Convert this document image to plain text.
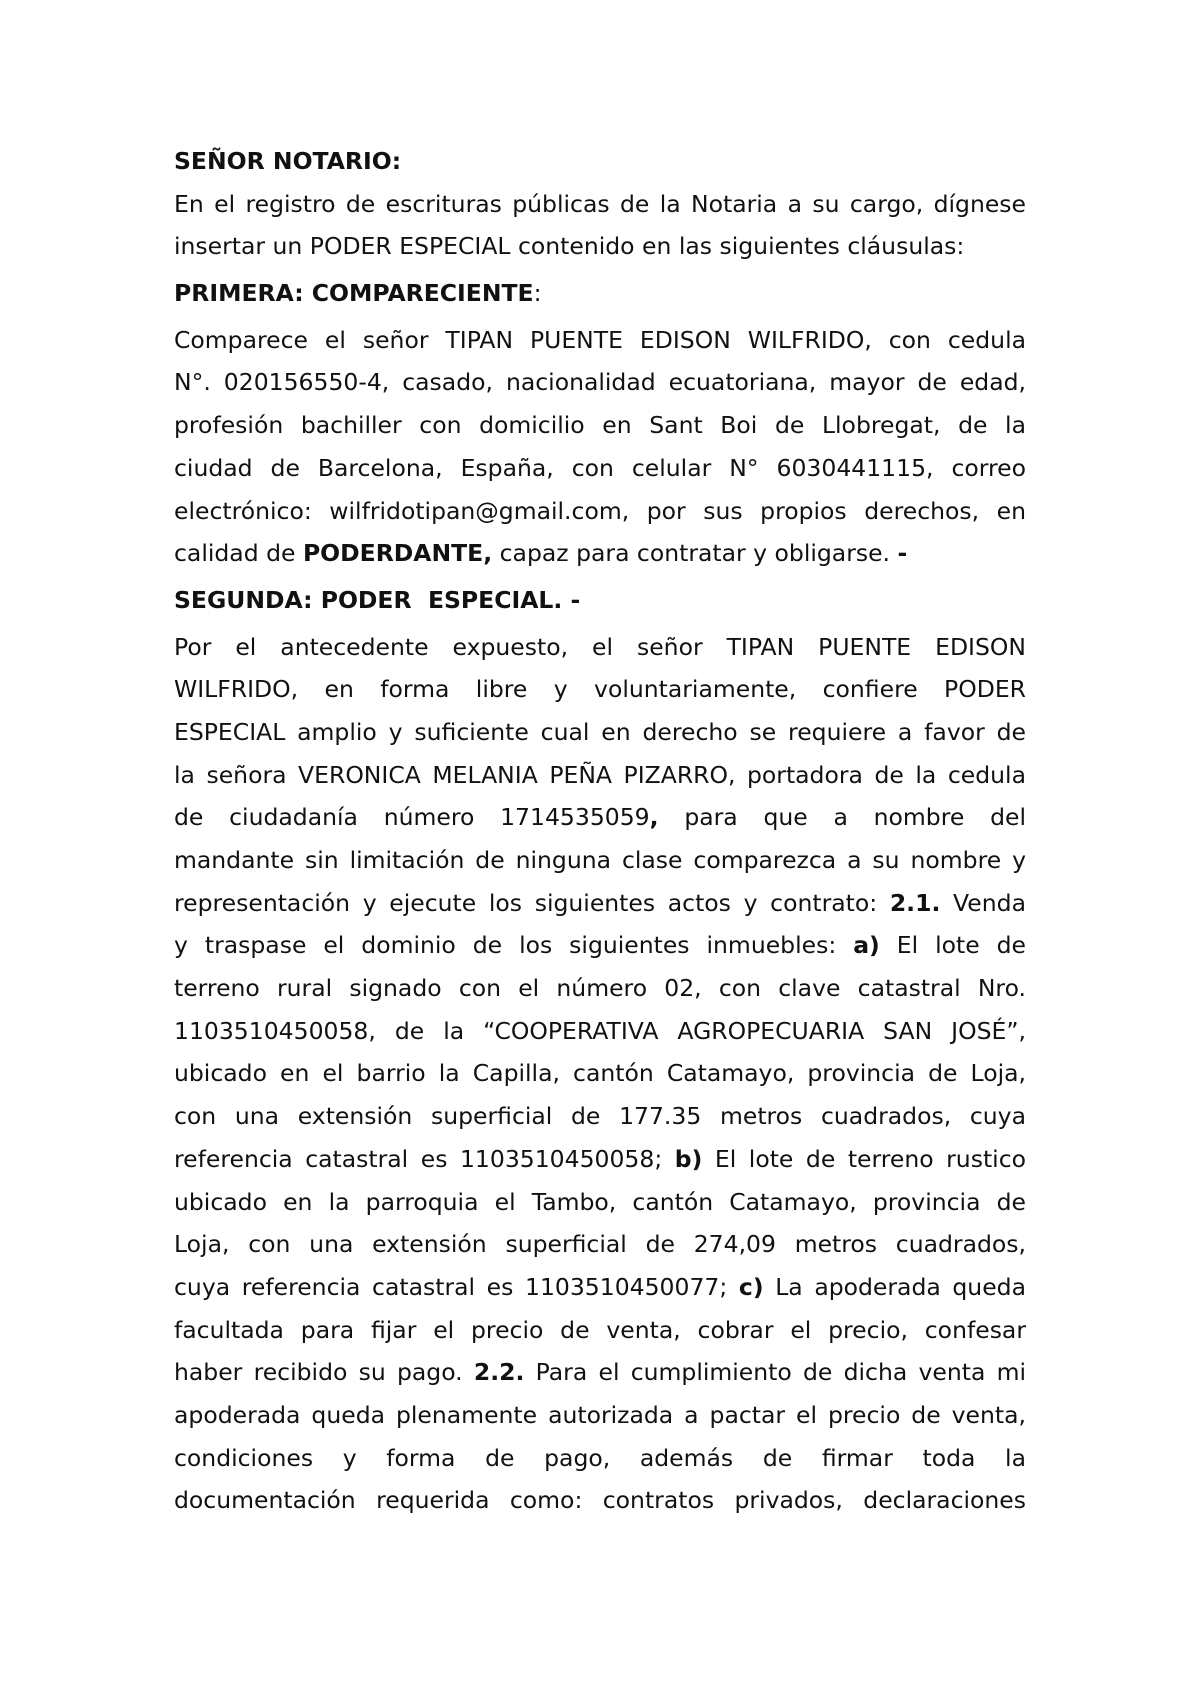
SEÑOR NOTARIO:
En el registro de escrituras públicas de la Notaria a su cargo, dígnese
insertar un PODER ESPECIAL contenido en las siguientes cláusulas:
PRIMERA: COMPARECIENTE:
Comparece el señor TIPAN PUENTE EDISON WILFRIDO, con cedula
N°. 020156550-4, casado, nacionalidad ecuatoriana, mayor de edad,
profesión bachiller con domicilio en Sant Boi de Llobregat, de la
ciudad de Barcelona, España, con celular N° 6030441115, correo
electrónico: wilfridotipan@gmail.com, por sus propios derechos, en
calidad de PODERDANTE, capaz para contratar y obligarse. -
SEGUNDA: PODER  ESPECIAL. -
Por el antecedente expuesto, el señor TIPAN PUENTE EDISON
WILFRIDO, en forma libre y voluntariamente, confiere PODER
ESPECIAL amplio y suficiente cual en derecho se requiere a favor de
la señora VERONICA MELANIA PEÑA PIZARRO, portadora de la cedula
de ciudadanía número 1714535059, para que a nombre del
mandante sin limitación de ninguna clase comparezca a su nombre y
representación y ejecute los siguientes actos y contrato: 2.1. Venda
y traspase el dominio de los siguientes inmuebles: a) El lote de
terreno rural signado con el número 02, con clave catastral Nro.
1103510450058, de la “COOPERATIVA AGROPECUARIA SAN JOSÉ”,
ubicado en el barrio la Capilla, cantón Catamayo, provincia de Loja,
con una extensión superficial de 177.35 metros cuadrados, cuya
referencia catastral es 1103510450058; b) El lote de terreno rustico
ubicado en la parroquia el Tambo, cantón Catamayo, provincia de
Loja, con una extensión superficial de 274,09 metros cuadrados,
cuya referencia catastral es 1103510450077; c) La apoderada queda
facultada para fijar el precio de venta, cobrar el precio, confesar
haber recibido su pago. 2.2. Para el cumplimiento de dicha venta mi
apoderada queda plenamente autorizada a pactar el precio de venta,
condiciones y forma de pago, además de firmar toda la
documentación requerida como: contratos privados, declaraciones
